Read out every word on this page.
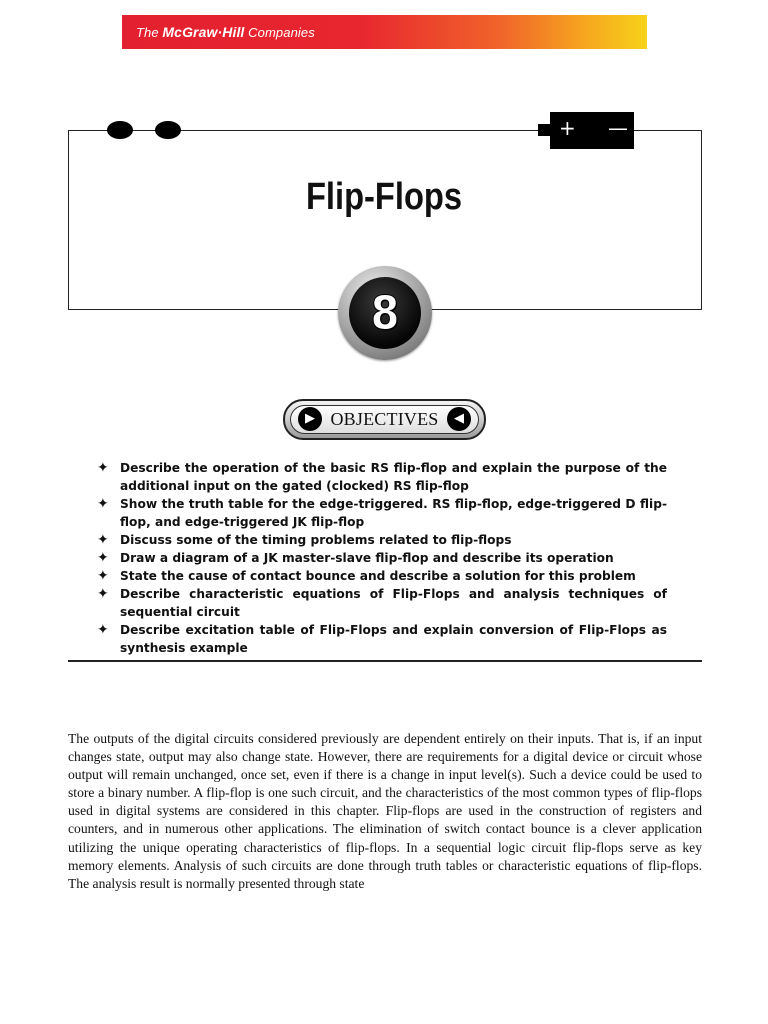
The McGraw·Hill Companies
+ —
Flip-Flops
8
▶ OBJECTIVES	◀
✦ Describe the operation of the basic RS flip-flop and explain the purpose of the additional input on the gated (clocked) RS flip-flop
✦ Show the truth table for the edge-triggered. RS flip-flop, edge-triggered D flip-flop, and edge-triggered JK flip-flop
✦ Discuss some of the timing problems related to flip-flops
✦ Draw a diagram of a JK master-slave flip-flop and describe its operation
✦ State the cause of contact bounce and describe a solution for this problem
✦ Describe characteristic equations of Flip-Flops and analysis techniques of sequential circuit
✦ Describe excitation table of Flip-Flops and explain conversion of Flip-Flops as synthesis example

The outputs of the digital circuits considered previously are dependent entirely on their inputs. That is, if an input changes state, output may also change state. However, there are requirements for a digital device or circuit whose output will remain unchanged, once set, even if there is a change in input level(s). Such a device could be used to store a binary number. A flip-flop is one such circuit, and the characteristics of the most common types of flip-flops used in digital systems are considered in this chapter. Flip-flops are used in the construction of registers and counters, and in numerous other applications. The elimination of switch contact bounce is a clever application utilizing the unique operating characteristics of flip-flops. In a sequential logic circuit flip-flops serve as key memory elements. Analysis of such circuits are done through truth tables or characteristic equations of flip-flops. The analysis result is normally presented through state
